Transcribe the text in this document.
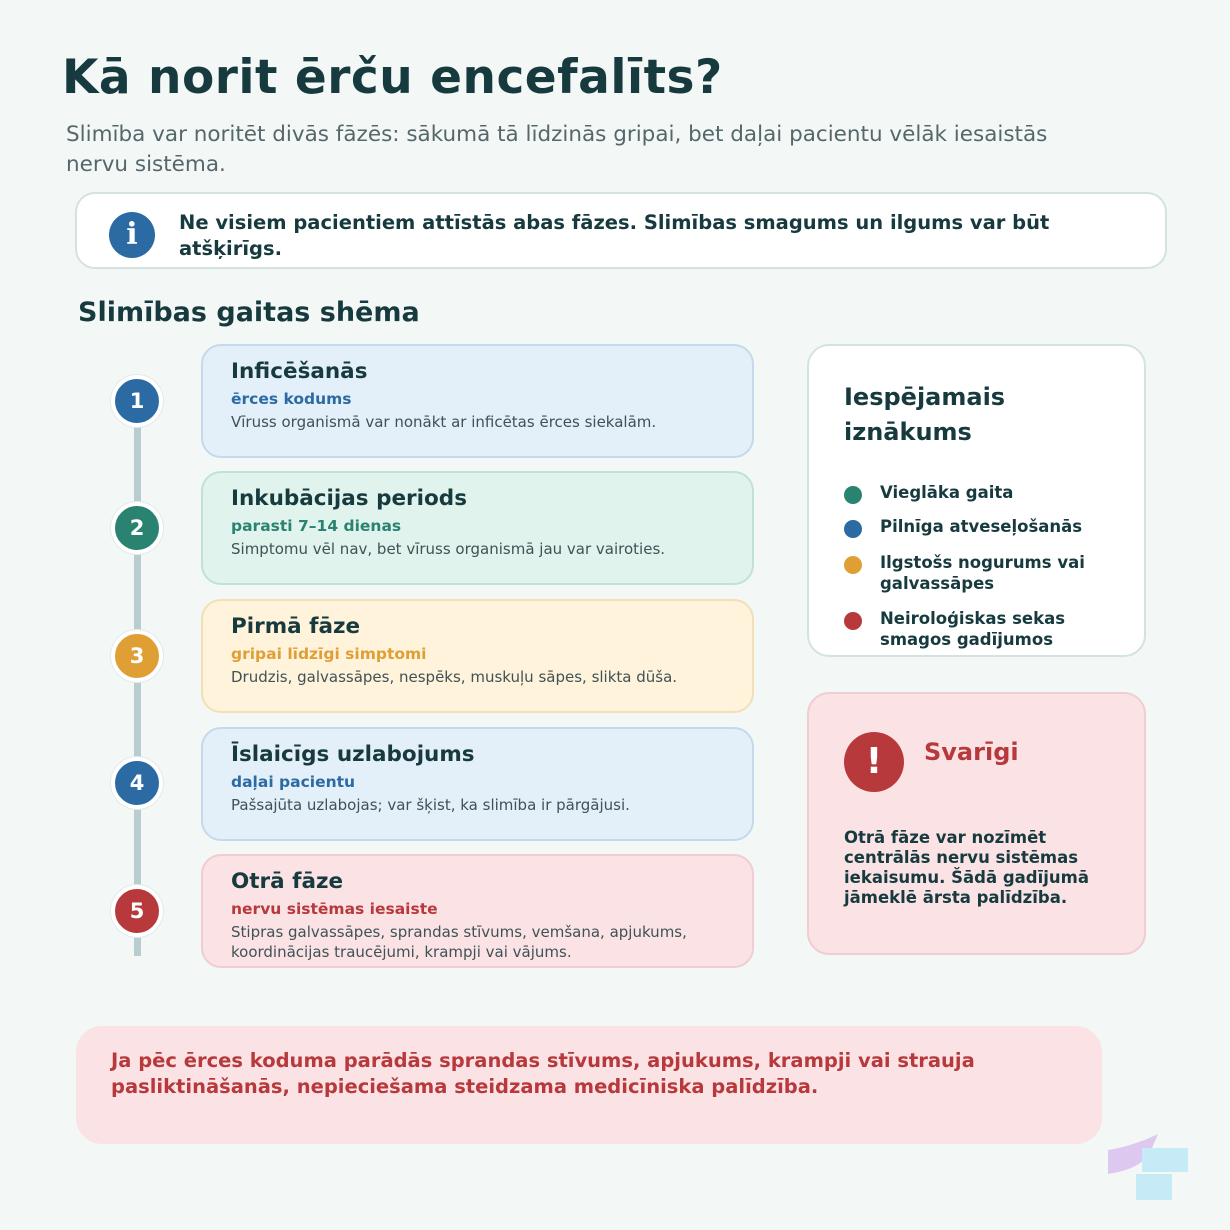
Kā norit ērču encefalīts?

Slimība var noritēt divās fāzēs: sākumā tā līdzinās gripai, bet daļai pacientu vēlāk iesaistās nervu sistēma.

i	Ne visiem pacientiem attīstās abas fāzes. Slimības smagums un ilgums var būt atšķirīgs.
Slimības gaitas shēma
1
Inficēšanās
ērces kodums
Vīruss organismā var nonākt ar inficētas ērces siekalām.
2
Inkubācijas periods
parasti 7–14 dienas
Simptomu vēl nav, bet vīruss organismā jau var vairoties.
3
Pirmā fāze
gripai līdzīgi simptomi
Drudzis, galvassāpes, nespēks, muskuļu sāpes, slikta dūša.
4
Īslaicīgs uzlabojums
daļai pacientu
Pašsajūta uzlabojas; var šķist, ka slimība ir pārgājusi.
5
Otrā fāze
nervu sistēmas iesaiste
Stipras galvassāpes, sprandas stīvums, vemšana, apjukums, koordinācijas traucējumi, krampji vai vājums.
Iespējamais iznākums
Vieglāka gaita
Pilnīga atveseļošanās
Ilgstošs nogurums vai galvassāpes
Neiroloģiskas sekas smagos gadījumos
!	Svarīgi
Otrā fāze var nozīmēt centrālās nervu sistēmas iekaisumu. Šādā gadījumā jāmeklē ārsta palīdzība.
Ja pēc ērces koduma parādās sprandas stīvums, apjukums, krampji vai strauja pasliktināšanās, nepieciešama steidzama medicīniska palīdzība.
